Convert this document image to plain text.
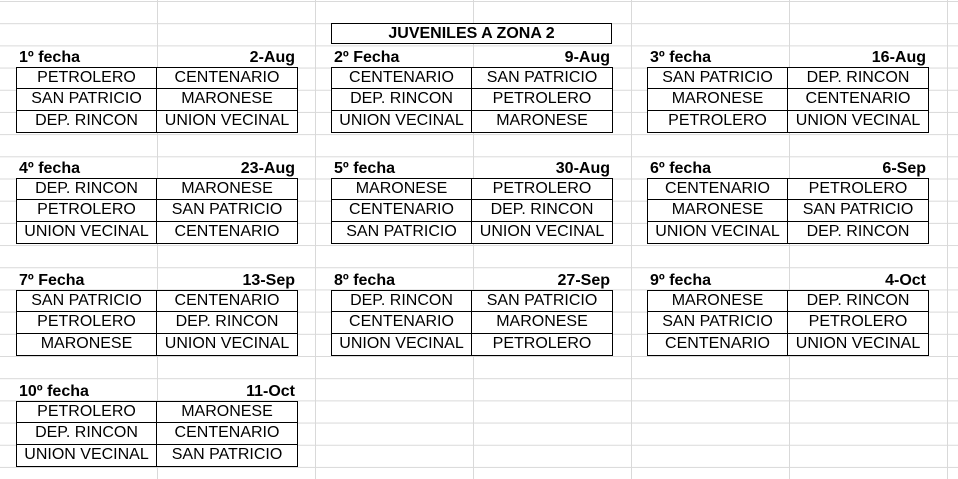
JUVENILES A ZONA 2
1º fecha	2-Aug
PETROLERO	CENTENARIO
SAN PATRICIO	MARONESE
DEP. RINCON	UNION VECINAL
2º Fecha	9-Aug
CENTENARIO	SAN PATRICIO
DEP. RINCON	PETROLERO
UNION VECINAL	MARONESE
3º fecha	16-Aug
SAN PATRICIO	DEP. RINCON
MARONESE	CENTENARIO
PETROLERO	UNION VECINAL
4º fecha	23-Aug
DEP. RINCON	MARONESE
PETROLERO	SAN PATRICIO
UNION VECINAL	CENTENARIO
5º fecha	30-Aug
MARONESE	PETROLERO
CENTENARIO	DEP. RINCON
SAN PATRICIO	UNION VECINAL
6º fecha	6-Sep
CENTENARIO	PETROLERO
MARONESE	SAN PATRICIO
UNION VECINAL	DEP. RINCON
7º Fecha	13-Sep
SAN PATRICIO	CENTENARIO
PETROLERO	DEP. RINCON
MARONESE	UNION VECINAL
8º fecha	27-Sep
DEP. RINCON	SAN PATRICIO
CENTENARIO	MARONESE
UNION VECINAL	PETROLERO
9º fecha	4-Oct
MARONESE	DEP. RINCON
SAN PATRICIO	PETROLERO
CENTENARIO	UNION VECINAL
10º fecha	11-Oct
PETROLERO	MARONESE
DEP. RINCON	CENTENARIO
UNION VECINAL	SAN PATRICIO
